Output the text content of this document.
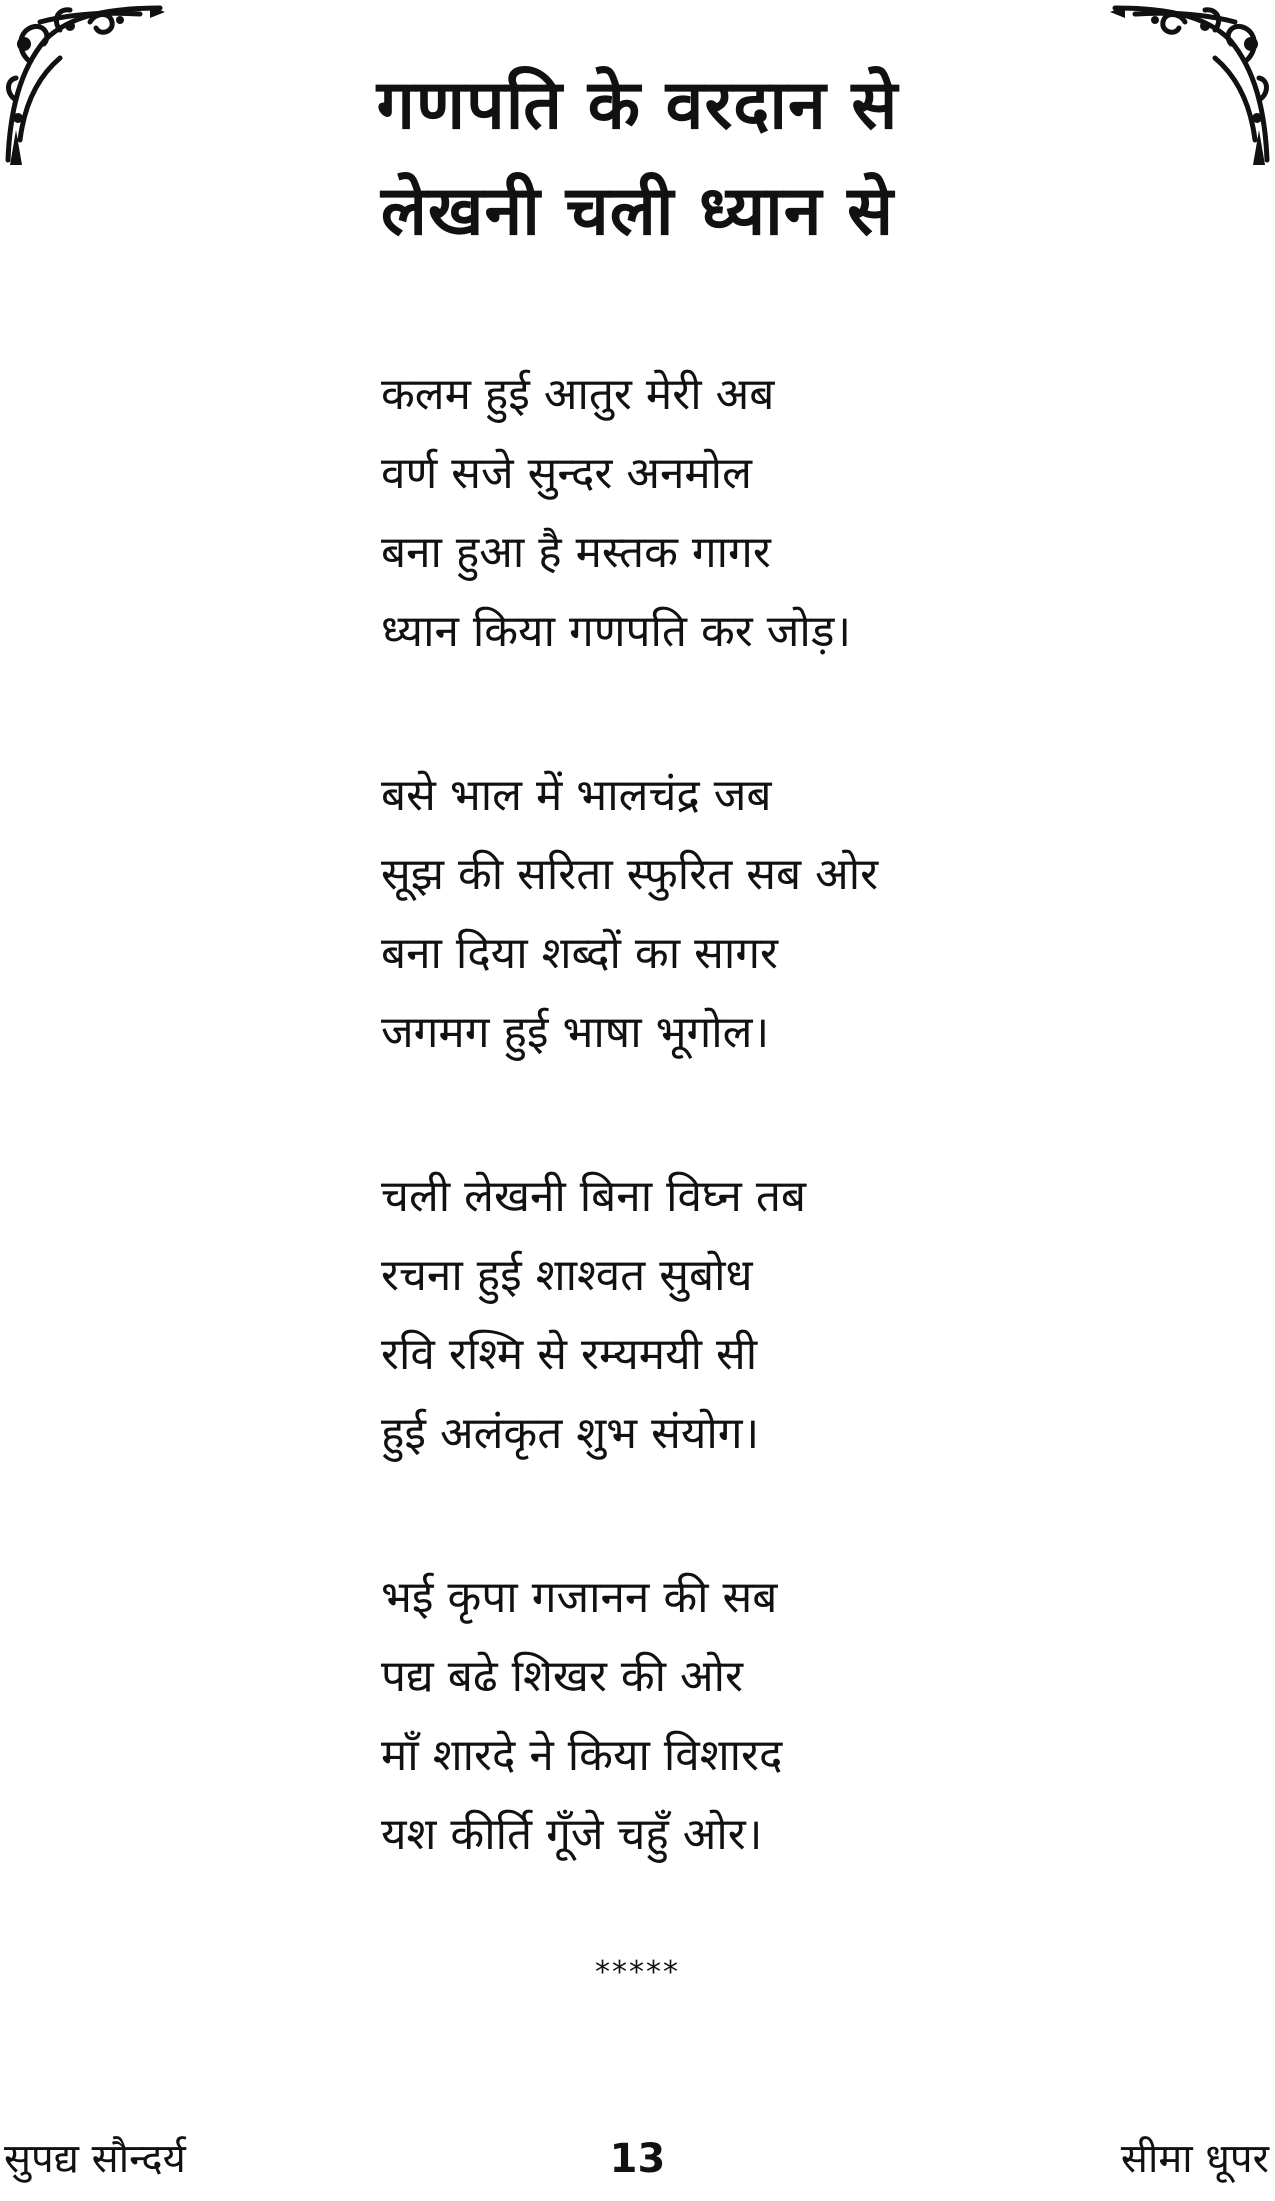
गणपति के वरदान से
लेखनी चली ध्यान से
कलम हुई आतुर मेरी अब
वर्ण सजे सुन्दर अनमोल
बना हुआ है मस्तक गागर
ध्यान किया गणपति कर जोड़।
बसे भाल में भालचंद्र जब
सूझ की सरिता स्फुरित सब ओर
बना दिया शब्दों का सागर
जगमग हुई भाषा भूगोल।
चली लेखनी बिना विघ्न तब
रचना हुई शाश्वत सुबोध
रवि रश्मि से रम्यमयी सी
हुई अलंकृत शुभ संयोग।
भई कृपा गजानन की सब
पद्य बढे शिखर की ओर
माँ शारदे ने किया विशारद
यश कीर्ति गूँजे चहुँ ओर।
*****
सुपद्य सौन्दर्य	13	सीमा धूपर
